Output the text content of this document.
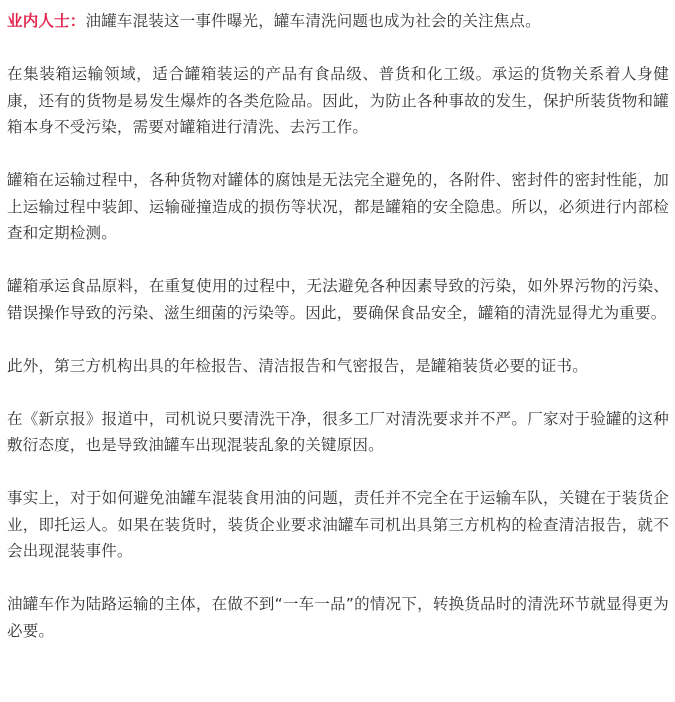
业内人士：油罐车混装这一事件曝光，罐车清洗问题也成为社会的关注焦点。

在集装箱运输领域，适合罐箱装运的产品有食品级、普货和化工级。承运的货物关系着人身健康，还有的货物是易发生爆炸的各类危险品。因此，为防止各种事故的发生，保护所装货物和罐箱本身不受污染，需要对罐箱进行清洗、去污工作。

罐箱在运输过程中，各种货物对罐体的腐蚀是无法完全避免的，各附件、密封件的密封性能，加上运输过程中装卸、运输碰撞造成的损伤等状况，都是罐箱的安全隐患。所以，必须进行内部检查和定期检测。

罐箱承运食品原料，在重复使用的过程中，无法避免各种因素导致的污染，如外界污物的污染、错误操作导致的污染、滋生细菌的污染等。因此，要确保食品安全，罐箱的清洗显得尤为重要。

此外，第三方机构出具的年检报告、清洁报告和气密报告，是罐箱装货必要的证书。

在《新京报》报道中，司机说只要清洗干净，很多工厂对清洗要求并不严。厂家对于验罐的这种敷衍态度，也是导致油罐车出现混装乱象的关键原因。

事实上，对于如何避免油罐车混装食用油的问题，责任并不完全在于运输车队，关键在于装货企业，即托运人。如果在装货时，装货企业要求油罐车司机出具第三方机构的检查清洁报告，就不会出现混装事件。

油罐车作为陆路运输的主体，在做不到“一车一品”的情况下，转换货品时的清洗环节就显得更为必要。
